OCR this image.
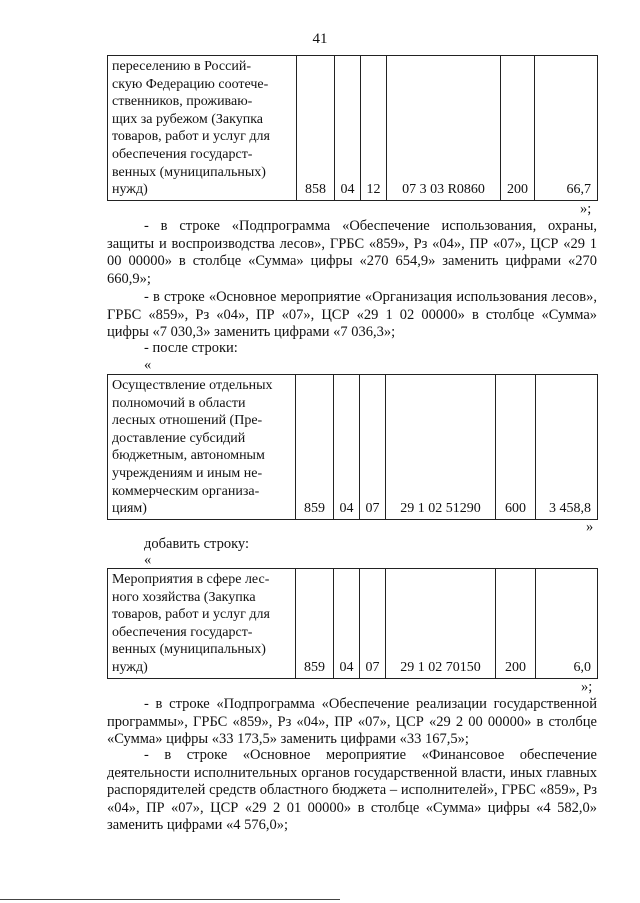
41
переселению в Россий-
скую Федерацию соотече-
ственников, проживаю-
щих за рубежом (Закупка
товаров, работ и услуг для
обеспечения государст-
венных (муниципальных)
нужд)	858	04	12	07 3 03 R0860	200	66,7
»;

- в строке «Подпрограмма «Обеспечение использования, охраны, защиты и воспроизводства лесов», ГРБС «859», Рз «04», ПР «07», ЦСР «29 1 00 00000» в столбце «Сумма» цифры «270 654,9» заменить цифрами «270 660,9»;

- в строке «Основное мероприятие «Организация использования лесов», ГРБС «859», Рз «04», ПР «07», ЦСР «29 1 02 00000» в столбце «Сумма» цифры «7 030,3» заменить цифрами «7 036,3»;

- после строки:

«
Осуществление отдельных
полномочий в области
лесных отношений (Пре-
доставление субсидий
бюджетным, автономным
учреждениям и иным не-
коммерческим организа-
циям)	859	04	07	29 1 02 51290	600	3 458,8
»

добавить строку:

«
Мероприятия в сфере лес-
ного хозяйства (Закупка
товаров, работ и услуг для
обеспечения государст-
венных (муниципальных)
нужд)	859	04	07	29 1 02 70150	200	6,0
»;

- в строке «Подпрограмма «Обеспечение реализации государственной программы», ГРБС «859», Рз «04», ПР «07», ЦСР «29 2 00 00000» в столбце «Сумма» цифры «33 173,5» заменить цифрами «33 167,5»;

- в строке «Основное мероприятие «Финансовое обеспечение деятельности исполнительных органов государственной власти, иных главных распорядителей средств областного бюджета – исполнителей», ГРБС «859», Рз «04», ПР «07», ЦСР «29 2 01 00000» в столбце «Сумма» цифры «4 582,0» заменить цифрами «4 576,0»;
